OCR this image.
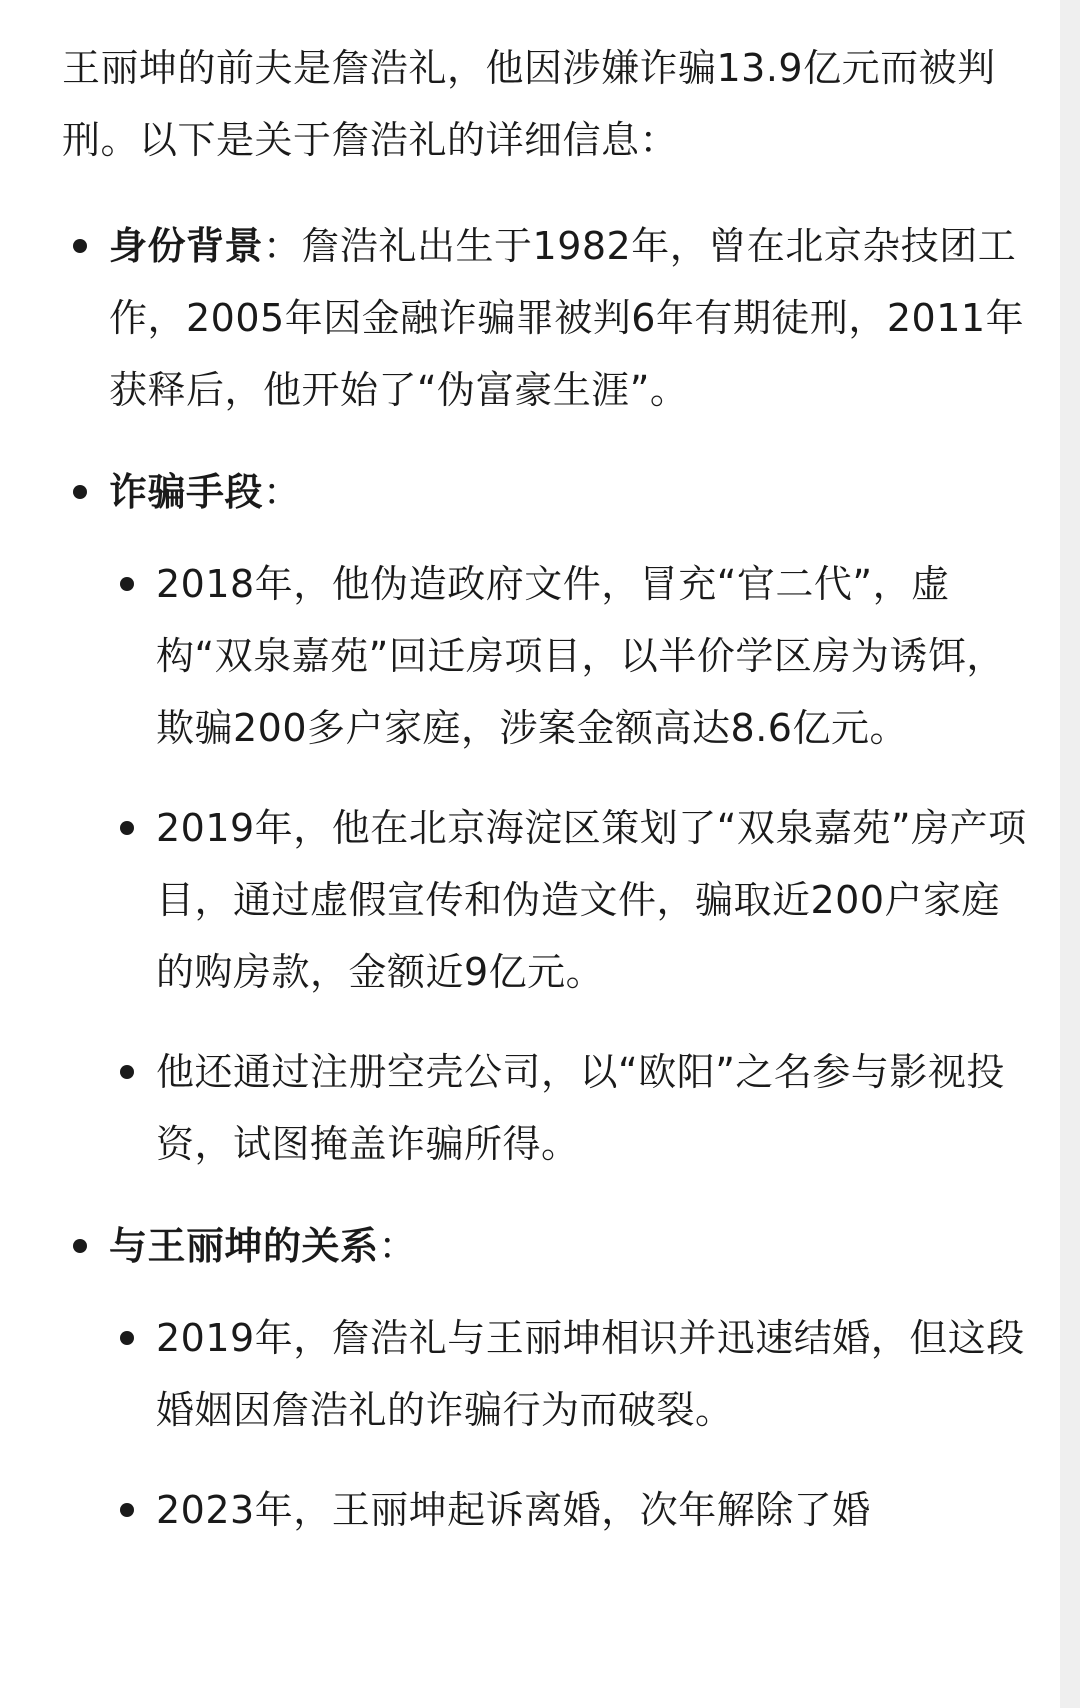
王丽坤的前夫是詹浩礼，他因涉嫌诈骗13.9亿元而被判刑。以下是关于詹浩礼的详细信息：

身份背景：詹浩礼出生于1982年，曾在北京杂技团工作，2005年因金融诈骗罪被判6年有期徒刑，2011年获释后，他开始了“伪富豪生涯”。
诈骗手段：
2018年，他伪造政府文件，冒充“官二代”，虚构“双泉嘉苑”回迁房项目，以半价学区房为诱饵，欺骗200多户家庭，涉案金额高达8.6亿元。
2019年，他在北京海淀区策划了“双泉嘉苑”房产项目，通过虚假宣传和伪造文件，骗取近200户家庭的购房款，金额近9亿元。
他还通过注册空壳公司，以“欧阳”之名参与影视投资，试图掩盖诈骗所得。
与王丽坤的关系：
2019年，詹浩礼与王丽坤相识并迅速结婚，但这段婚姻因詹浩礼的诈骗行为而破裂。
2023年，王丽坤起诉离婚，次年解除了婚
